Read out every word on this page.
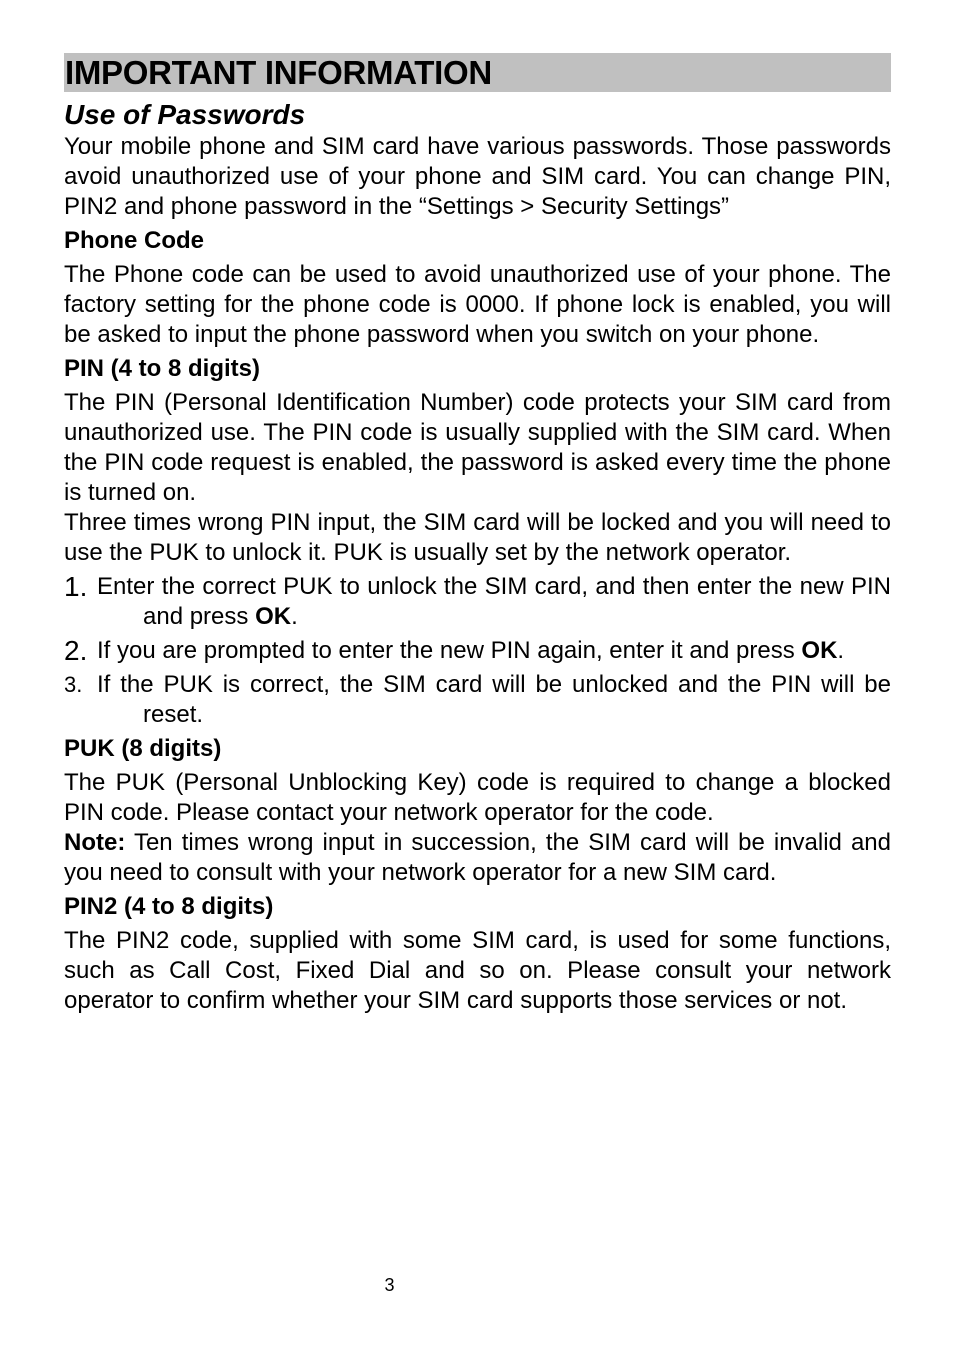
IMPORTANT INFORMATION
Use of Passwords

Your mobile phone and SIM card have various passwords. Those passwords avoid unauthorized use of your phone and SIM card. You can change PIN, PIN2 and phone password in the “Settings > Security Settings”

Phone Code

The Phone code can be used to avoid unauthorized use of your phone. The factory setting for the phone code is 0000. If phone lock is enabled, you will be asked to input the phone password when you switch on your phone.

PIN (4 to 8 digits)

The PIN (Personal Identification Number) code protects your SIM card from unauthorized use. The PIN code is usually supplied with the SIM card. When the PIN code request is enabled, the password is asked every time the phone is turned on.

Three times wrong PIN input, the SIM card will be locked and you will need to use the PUK to unlock it. PUK is usually set by the network operator.

1. Enter the correct PUK to unlock the SIM card, and then enter the new PIN and press OK.
2. If you are prompted to enter the new PIN again, enter it and press OK.
3. If the PUK is correct, the SIM card will be unlocked and the PIN will be reset.
PUK (8 digits)

The PUK (Personal Unblocking Key) code is required to change a blocked PIN code. Please contact your network operator for the code.

Note: Ten times wrong input in succession, the SIM card will be invalid and you need to consult with your network operator for a new SIM card.

PIN2 (4 to 8 digits)

The PIN2 code, supplied with some SIM card, is used for some functions, such as Call Cost, Fixed Dial and so on. Please consult your network operator to confirm whether your SIM card supports those services or not.

3
